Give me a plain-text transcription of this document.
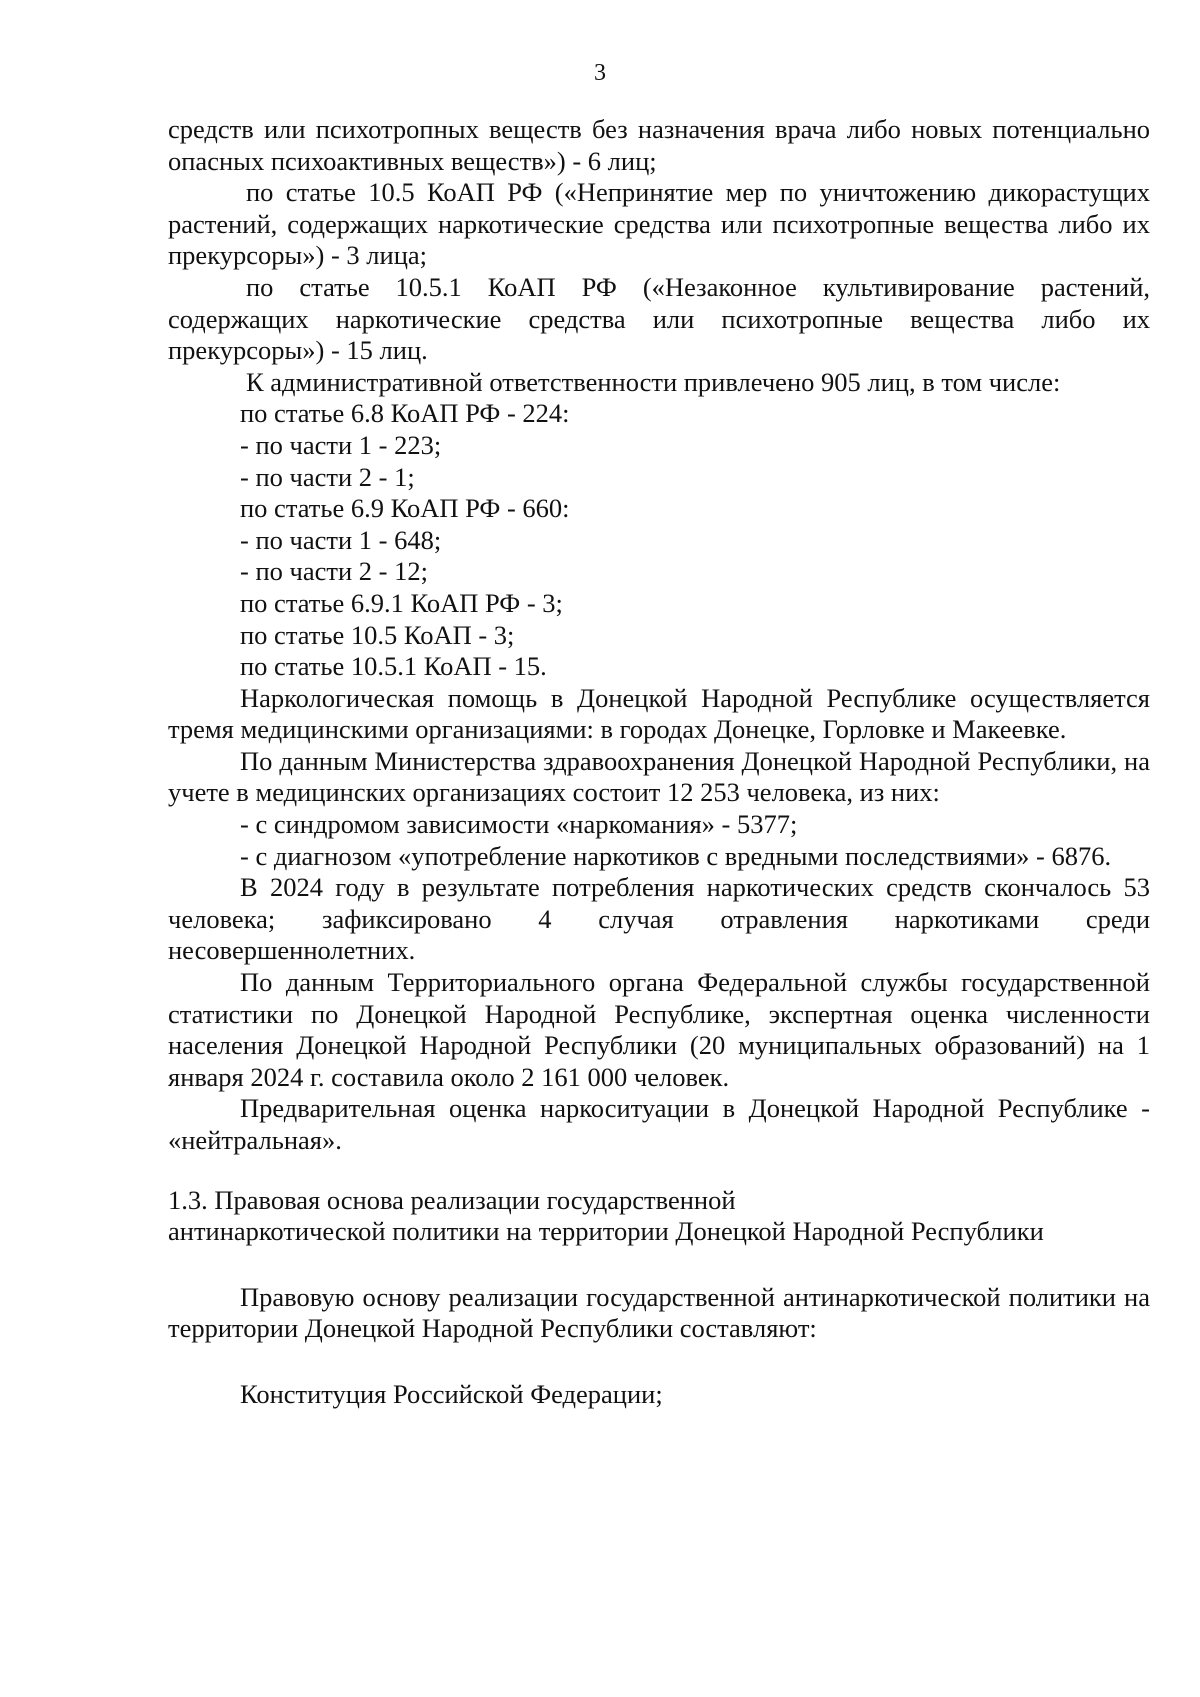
3

средств или психотропных веществ без назначения врача либо новых потенциально опасных психоактивных веществ») - 6 лиц;

по статье 10.5 КоАП РФ («Непринятие мер по уничтожению дикорастущих растений, содержащих наркотические средства или психотропные вещества либо их прекурсоры») - 3 лица;

по статье 10.5.1 КоАП РФ («Незаконное культивирование растений, содержащих наркотические средства или психотропные вещества либо их прекурсоры») - 15 лиц.

К административной ответственности привлечено 905 лиц, в том числе:

по статье 6.8 КоАП РФ - 224:

- по части 1 - 223;

- по части 2 - 1;

по статье 6.9 КоАП РФ - 660:

- по части 1 - 648;

- по части 2 - 12;

по статье 6.9.1 КоАП РФ - 3;

по статье 10.5 КоАП - 3;

по статье 10.5.1 КоАП - 15.

Наркологическая помощь в Донецкой Народной Республике осуществляется тремя медицинскими организациями: в городах Донецке, Горловке и Макеевке.

По данным Министерства здравоохранения Донецкой Народной Республики, на учете в медицинских организациях состоит 12 253 человека, из них:

- с синдромом зависимости «наркомания» - 5377;

- с диагнозом «употребление наркотиков с вредными последствиями» - 6876.

В 2024 году в результате потребления наркотических средств скончалось 53 человека; зафиксировано 4 случая отравления наркотиками среди несовершеннолетних.

По данным Территориального органа Федеральной службы государственной статистики по Донецкой Народной Республике, экспертная оценка численности населения Донецкой Народной Республики (20 муниципальных образований) на 1 января 2024 г. составила около 2 161 000 человек.

Предварительная оценка наркоситуации в Донецкой Народной Республике - «нейтральная».

1.3. Правовая основа реализации государственной

антинаркотической политики на территории Донецкой Народной Республики

Правовую основу реализации государственной антинаркотической политики на территории Донецкой Народной Республики составляют:

Конституция Российской Федерации;
